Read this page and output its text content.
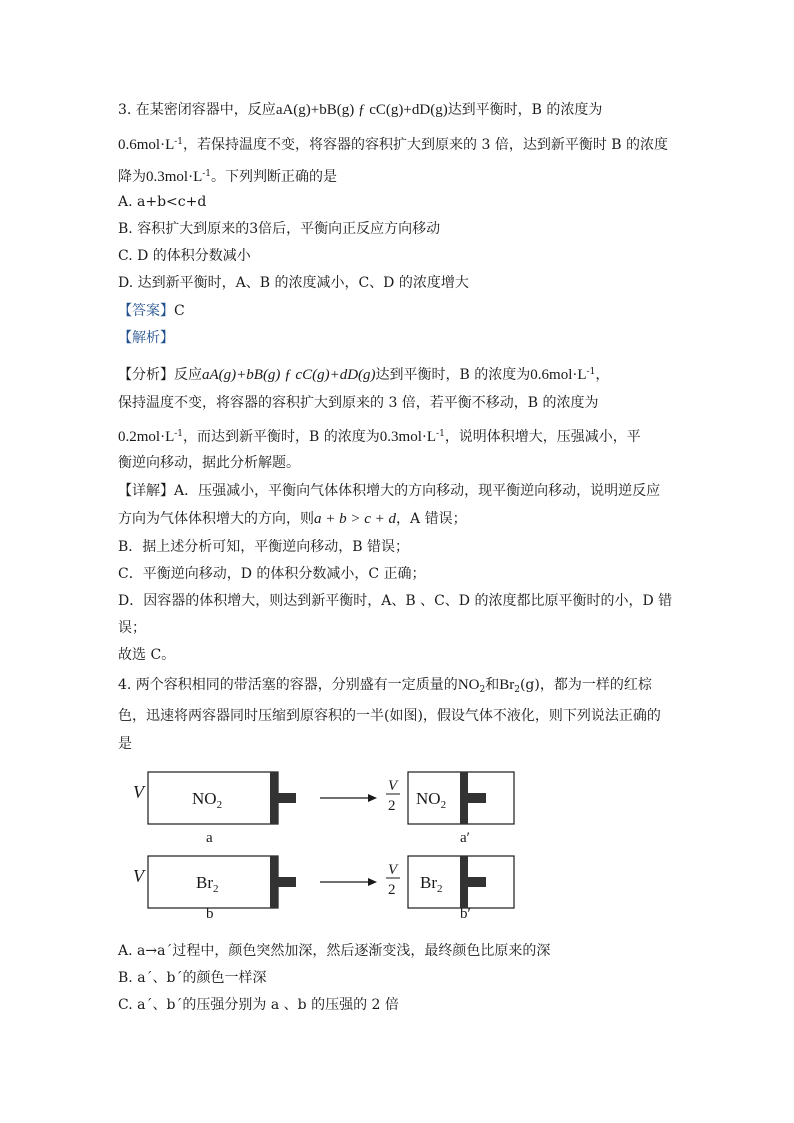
3. 在某密闭容器中，反应aA(g)+bB(g) ƒ cC(g)+dD(g)达到平衡时，B 的浓度为
$0.6mol\cdot L^{-1}$，若保持温度不变，将容器的容积扩大到原来的 3 倍，达到新平衡时 B 的浓度
降为$0.3mol\cdot L^{-1}$。下列判断正确的是
A. a+b<c+d
B. 容积扩大到原来的3倍后，平衡向正反应方向移动
C. D 的体积分数减小
D. 达到新平衡时，A、B 的浓度减小，C、D 的浓度增大
【答案】C
【解析】
【分析】反应aA(g)+bB(g) ƒ cC(g)+dD(g)达到平衡时，B 的浓度为$0.6mol\cdot L^{-1}$，
保持温度不变，将容器的容积扩大到原来的 3 倍，若平衡不移动，B 的浓度为
$0.2mol\cdot L^{-1}$，而达到新平衡时，B 的浓度为$0.3mol\cdot L^{-1}$，说明体积增大，压强减小，平
衡逆向移动，据此分析解题。
【详解】A．压强减小，平衡向气体体积增大的方向移动，现平衡逆向移动，说明逆反应
方向为气体体积增大的方向，则a + b > c + d，A 错误；
B．据上述分析可知，平衡逆向移动，B 错误；
C．平衡逆向移动，D 的体积分数减小，C 正确；
D．因容器的体积增大，则达到新平衡时，A、B 、C、D 的浓度都比原平衡时的小，D 错
误；
故选 C。
4. 两个容积相同的带活塞的容器，分别盛有一定质量的$NO_2$和$Br_2(g)$，都为一样的红棕
色，迅速将两容器同时压缩到原容积的一半(如图)，假设气体不液化，则下列说法正确的
是
V	$NO_2$
a
V
2 $NO_2$
a′
V	$Br_2$
b
V
2 $Br_2$
b′
A. a→a´过程中，颜色突然加深，然后逐渐变浅，最终颜色比原来的深
B. a´、b´的颜色一样深
C. a´、b´的压强分别为 a 、b 的压强的 2 倍
